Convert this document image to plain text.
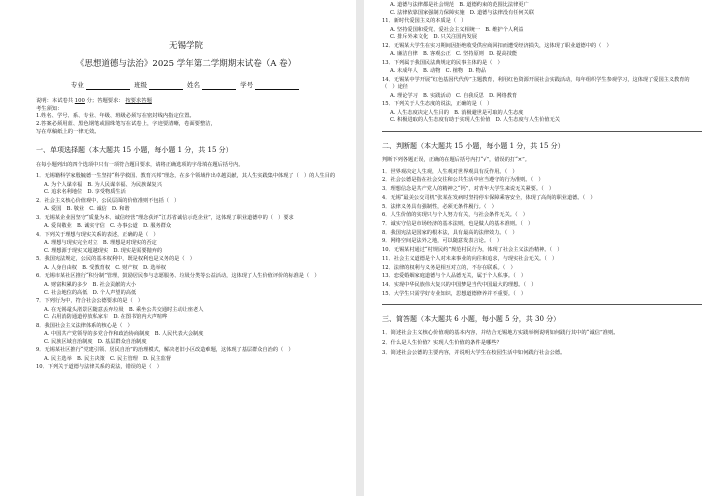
无锡学院
《思想道德与法治》2025 学年第二学期期末试卷（A 卷）
专业	班级	姓名	学号
说明：本试卷共 100 分；答题要求： 按要求答题
考生须知：
1.姓名、学号、系、专业、年级、班级必须写在密封线内指定位置。
2.答案必须用蓝、黑色钢笔或圆珠笔写在试卷上，字迹要清晰，卷面要整洁，
写在草稿纸上的一律无效。
一、单项选择题（本大题共 15 小题，每小题 1 分，共 15 分）
在每小题列出的四个选项中只有一项符合题目要求，请将正确选项的字母填在题后括号内。
1．无锡籍科学家殷毓德一生坚持“科学救国、教育兴邦”理念，在多个领域作出卓越贡献，其人生实践集中体现了（　）的人生目的
A. 为个人谋幸福　B. 为人民谋幸福、为民族谋复兴
C. 追求名利地位　D. 享受物质生活
2．社会主义核心价值观中，公民层面的价值准则不包括（　）
A. 爱国　B. 敬业　C. 诚信　D. 和谐
3．无锡某企业因坚守“质量为本、诚信经营”理念获评“江苏省诚信示范企业”，这体现了职业道德中的（　）要求
A. 爱岗敬业　B. 诚实守信　C. 办事公道　D. 服务群众
4．下列关于理想与现实关系的表述，正确的是（　）
A. 理想与现实完全对立　B. 理想是对现实的否定
C. 理想源于现实又超越现实　D. 现实是需要抛弃的
5．我国宪法规定，公民的基本权利中，既是权利也是义务的是（　）
A. 人身自由权　B. 受教育权　C. 财产权　D. 选举权
6．无锡市某社区推行“积分制”管理，鼓励居民参与志愿服务、垃圾分类等公益活动，这体现了人生价值评价的标准是（　）
A. 财富积累的多少　B. 社会贡献的大小
C. 社会地位的高低　D. 个人声望的高低
7．下列行为中，符合社会公德要求的是（　）
A. 在无锡鼋头渚景区随意丢弃垃圾　B. 乘坐公共交通时主动让座老人
C. 占用消防通道停放私家车　D. 在图书馆内大声喧哗
8．我国社会主义法律体系的核心是（　）
A. 中国共产党领导的多党合作和政治协商制度　B. 人民代表大会制度
C. 民族区域自治制度　D. 基层群众自治制度
9．无锡某社区推行“党建引领、居民自治”的治理模式，解决老旧小区改造难题，这体现了基层群众自治的（　）
A. 民主选举　B. 民主决策　C. 民主管理　D. 民主监督
10．下列关于道德与法律关系的说法，错误的是（　）
A. 道德与法律都是社会规范　B. 道德约束的范围比法律更广
C. 法律依靠国家强制力保障实施　D. 道德与法律没有任何关联
11．新时代爱国主义的本质是（　）
A. 坚持爱国和爱党、爱社会主义相统一　B. 维护个人利益
C. 排斥外来文化　D. 只关注国内发展
12．无锡某大学生在实习期间因拒绝收受供应商回扣而遭受经济损失，这体现了职业道德中的（　）
A. 廉洁自律　B. 客观公正　C. 坚持原则　D. 提高技能
13．下列属于我国民法典规定的民事主体的是（　）
A. 未成年人　B. 动物　C. 植物　D. 物品
14．无锡某中学开展“红色基因代代传”主题教育，利用红色资源开展社会实践活动，每年组织学生参观学习，这体现了爱国主义教育的（　）途径
A. 理论学习　B. 实践活动　C. 自我反思　D. 网络教育
15．下列关于人生态度的说法，正确的是（　）
A. 人生态度决定人生目的　B. 消极避世是可取的人生态度
C. 积极进取的人生态度有助于实现人生价值　D. 人生态度与人生价值无关
二、判断题（本大题共 15 小题，每小题 1 分，共 15 分）
判断下列各题正误，正确的在题后括号内打“√”，错误的打“×”。
1．世界观决定人生观，人生观对世界观具有反作用。（　）
2．社会公德是指在社会交往和公共生活中应当遵守的行为准则。（　）
3．理想信念是共产党人的精神之“钙”，对青年大学生来说无关紧要。（　）
4．无锡“最美公交司机”张某在发病时坚持停车保障乘客安全，体现了高尚的职业道德。（　）
5．法律义务具有强制性，必须无条件履行。（　）
6．人生价值的实现只与个人努力有关，与社会条件无关。（　）
7．诚实守信是市场经济的基本法则，也是做人的基本准则。（　）
8．我国宪法是国家的根本法，具有最高的法律效力。（　）
9．网络空间是法外之地，可以随意发表言论。（　）
10．无锡某村通过“村规民约”规范村民行为，体现了社会主义法治精神。（　）
11．社会主义道德是个人对未来事业的向往和追求，与现实社会无关。（　）
12．法律的权利与义务是相互对立的，不存在联系。（　）
13．恋爱婚姻家庭道德与个人品德无关，属于个人私事。（　）
14．实现中华民族伟大复兴的中国梦是当代中国最大的理想。（　）
15．大学生只需学好专业知识，思想道德修养并不重要。（　）
三、简答题（本大题共 6 小题，每小题 5 分，共 30 分）
1．简述社会主义核心价值观的基本内容，并结合无锡地方实践举例说明如何践行其中的“诚信”准则。
2．什么是人生价值？实现人生价值的条件是哪些？
3．简述社会公德的主要内容，并说明大学生在校园生活中如何践行社会公德。
